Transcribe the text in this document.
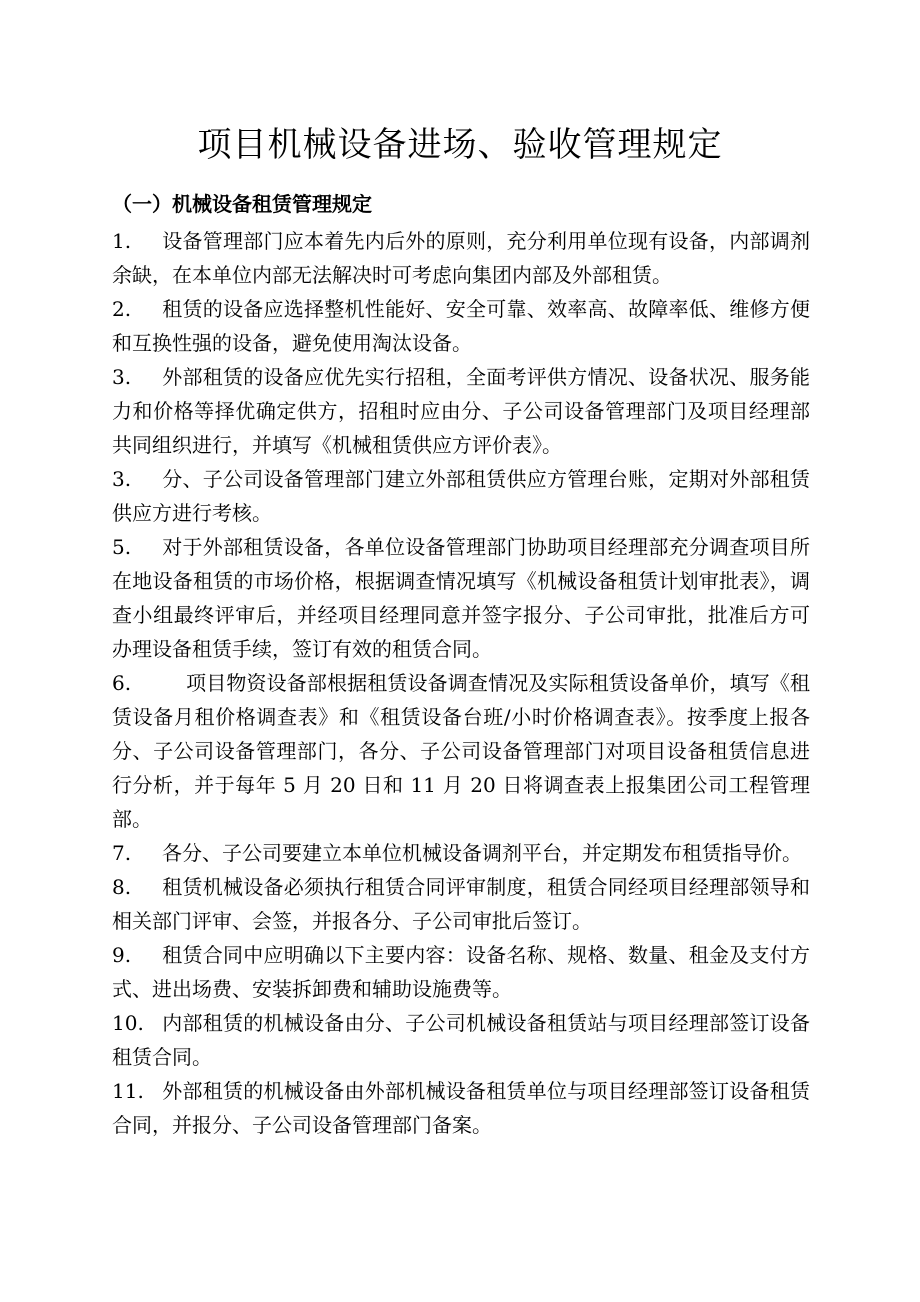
项目机械设备进场、验收管理规定
（一）机械设备租赁管理规定

1. 设备管理部门应本着先内后外的原则，充分利用单位现有设备，内部调剂余缺，在本单位内部无法解决时可考虑向集团内部及外部租赁。

2. 租赁的设备应选择整机性能好、安全可靠、效率高、故障率低、维修方便和互换性强的设备，避免使用淘汰设备。

3. 外部租赁的设备应优先实行招租，全面考评供方情况、设备状况、服务能力和价格等择优确定供方，招租时应由分、子公司设备管理部门及项目经理部共同组织进行，并填写《机械租赁供应方评价表》。

3. 分、子公司设备管理部门建立外部租赁供应方管理台账，定期对外部租赁供应方进行考核。

5. 对于外部租赁设备，各单位设备管理部门协助项目经理部充分调查项目所在地设备租赁的市场价格，根据调查情况填写《机械设备租赁计划审批表》，调查小组最终评审后，并经项目经理同意并签字报分、子公司审批，批准后方可办理设备租赁手续，签订有效的租赁合同。

6.	项目物资设备部根据租赁设备调查情况及实际租赁设备单价，填写《租赁设备月租价格调查表》和《租赁设备台班/小时价格调查表》。按季度上报各分、子公司设备管理部门，各分、子公司设备管理部门对项目设备租赁信息进行分析，并于每年 5 月 20 日和 11 月 20 日将调查表上报集团公司工程管理部。

7. 各分、子公司要建立本单位机械设备调剂平台，并定期发布租赁指导价。

8. 租赁机械设备必须执行租赁合同评审制度，租赁合同经项目经理部领导和相关部门评审、会签，并报各分、子公司审批后签订。

9. 租赁合同中应明确以下主要内容：设备名称、规格、数量、租金及支付方式、进出场费、安装拆卸费和辅助设施费等。

10. 内部租赁的机械设备由分、子公司机械设备租赁站与项目经理部签订设备租赁合同。

11. 外部租赁的机械设备由外部机械设备租赁单位与项目经理部签订设备租赁合同，并报分、子公司设备管理部门备案。
